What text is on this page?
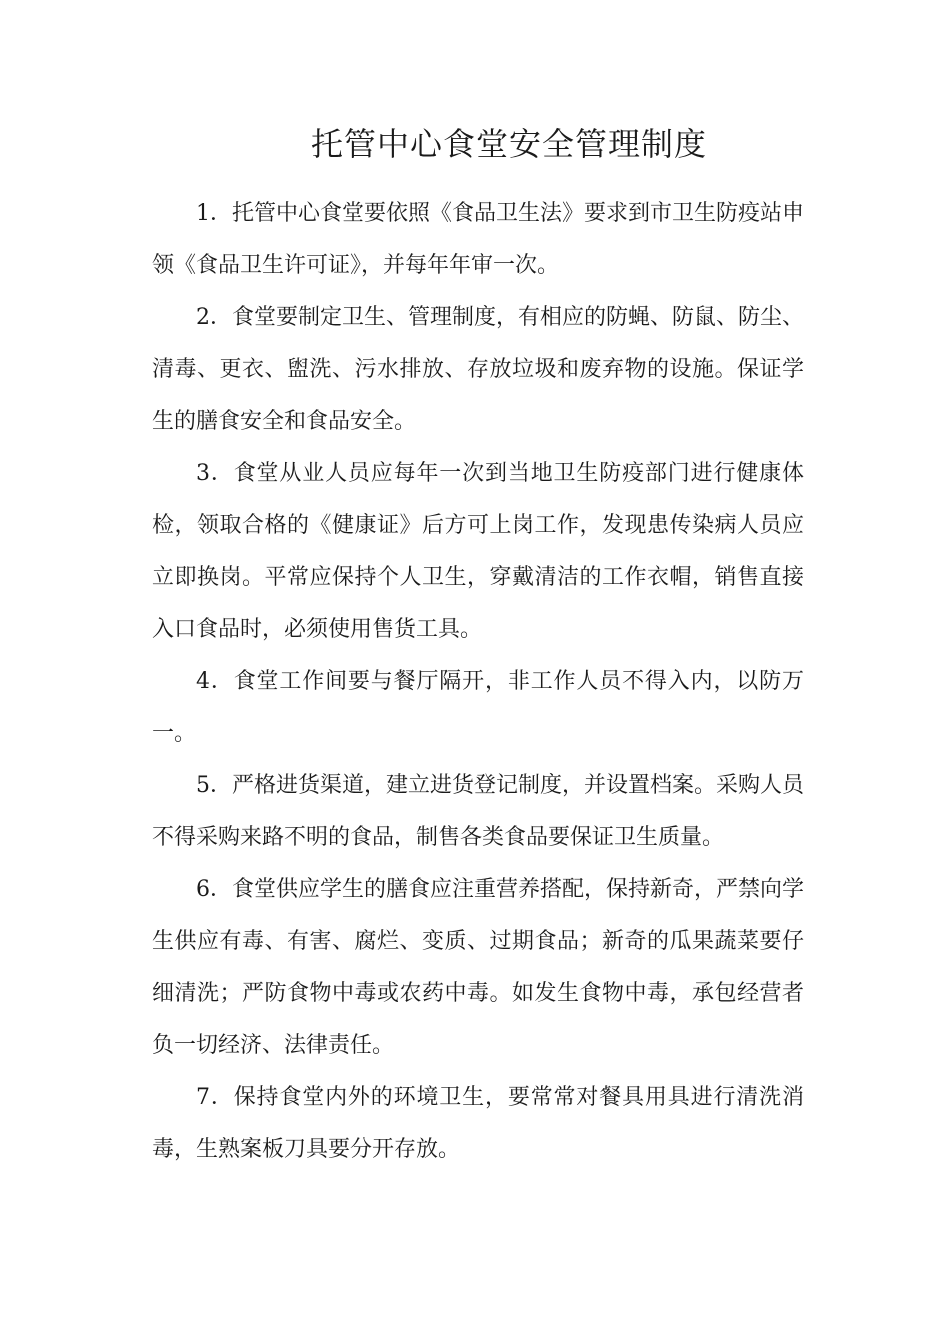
托管中心食堂安全管理制度

1．托管中心食堂要依照《食品卫生法》要求到市卫生防疫站申领《食品卫生许可证》，并每年年审一次。

2．食堂要制定卫生、管理制度，有相应的防蝇、防鼠、防尘、清毒、更衣、盥洗、污水排放、存放垃圾和废弃物的设施。保证学生的膳食安全和食品安全。

3．食堂从业人员应每年一次到当地卫生防疫部门进行健康体检，领取合格的《健康证》后方可上岗工作，发现患传染病人员应立即换岗。平常应保持个人卫生，穿戴清洁的工作衣帽，销售直接入口食品时，必须使用售货工具。

4．食堂工作间要与餐厅隔开，非工作人员不得入内，以防万一。

5．严格进货渠道，建立进货登记制度，并设置档案。采购人员不得采购来路不明的食品，制售各类食品要保证卫生质量。

6．食堂供应学生的膳食应注重营养搭配，保持新奇，严禁向学生供应有毒、有害、腐烂、变质、过期食品；新奇的瓜果蔬菜要仔细清洗；严防食物中毒或农药中毒。如发生食物中毒，承包经营者负一切经济、法律责任。

7．保持食堂内外的环境卫生，要常常对餐具用具进行清洗消毒，生熟案板刀具要分开存放。
